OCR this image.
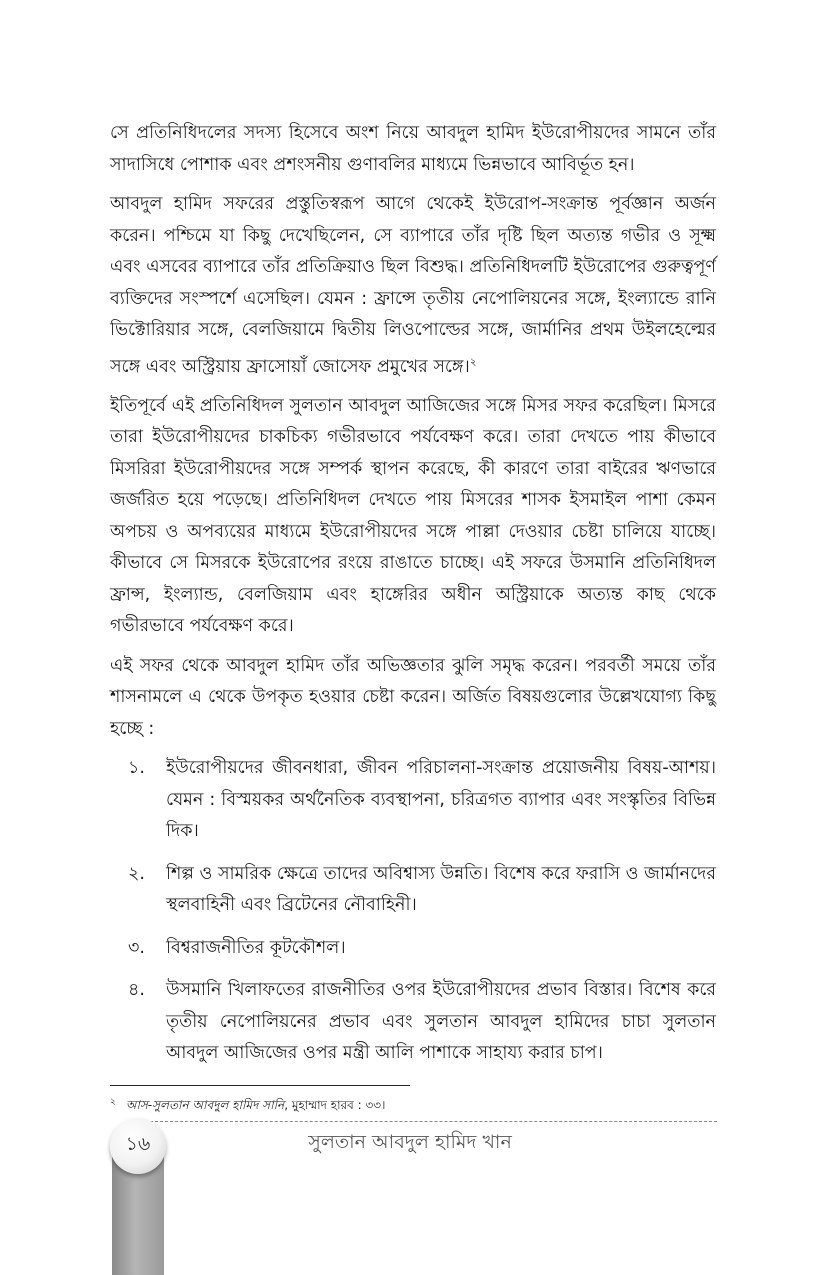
সে প্রতিনিধিদলের সদস্য হিসেবে অংশ নিয়ে আবদুল হামিদ ইউরোপীয়দের সামনে তাঁর সাদাসিধে পোশাক এবং প্রশংসনীয় গুণাবলির মাধ্যমে ভিন্নভাবে আবির্ভূত হন।

আবদুল হামিদ সফরের প্রস্তুতিস্বরূপ আগে থেকেই ইউরোপ-সংক্রান্ত পূর্বজ্ঞান অর্জন করেন। পশ্চিমে যা কিছু দেখেছিলেন, সে ব্যাপারে তাঁর দৃষ্টি ছিল অত্যন্ত গভীর ও সূক্ষ্ম এবং এসবের ব্যাপারে তাঁর প্রতিক্রিয়াও ছিল বিশুদ্ধ। প্রতিনিধিদলটি ইউরোপের গুরুত্বপূর্ণ ব্যক্তিদের সংস্পর্শে এসেছিল। যেমন : ফ্রান্সে তৃতীয় নেপোলিয়নের সঙ্গে, ইংল্যান্ডে রানি ভিক্টোরিয়ার সঙ্গে, বেলজিয়ামে দ্বিতীয় লিওপোল্ডের সঙ্গে, জার্মানির প্রথম উইলহেল্মের সঙ্গে এবং অস্ট্রিয়ায় ফ্রাসোয়াঁ জোসেফ প্রমুখের সঙ্গে।$^২$

ইতিপূর্বে এই প্রতিনিধিদল সুলতান আবদুল আজিজের সঙ্গে মিসর সফর করেছিল। মিসরে তারা ইউরোপীয়দের চাকচিক্য গভীরভাবে পর্যবেক্ষণ করে। তারা দেখতে পায় কীভাবে মিসরিরা ইউরোপীয়দের সঙ্গে সম্পর্ক স্থাপন করেছে, কী কারণে তারা বাইরের ঋণভারে জর্জরিত হয়ে পড়েছে। প্রতিনিধিদল দেখতে পায় মিসরের শাসক ইসমাইল পাশা কেমন অপচয় ও অপব্যয়ের মাধ্যমে ইউরোপীয়দের সঙ্গে পাল্লা দেওয়ার চেষ্টা চালিয়ে যাচ্ছে। কীভাবে সে মিসরকে ইউরোপের রংয়ে রাঙাতে চাচ্ছে। এই সফরে উসমানি প্রতিনিধিদল ফ্রান্স, ইংল্যান্ড, বেলজিয়াম এবং হাঙ্গেরির অধীন অস্ট্রিয়াকে অত্যন্ত কাছ থেকে গভীরভাবে পর্যবেক্ষণ করে।

এই সফর থেকে আবদুল হামিদ তাঁর অভিজ্ঞতার ঝুলি সমৃদ্ধ করেন। পরবর্তী সময়ে তাঁর শাসনামলে এ থেকে উপকৃত হওয়ার চেষ্টা করেন। অর্জিত বিষয়গুলোর উল্লেখযোগ্য কিছু হচ্ছে :

১. ইউরোপীয়দের জীবনধারা, জীবন পরিচালনা-সংক্রান্ত প্রয়োজনীয় বিষয়-আশয়। যেমন : বিস্ময়কর অর্থনৈতিক ব্যবস্থাপনা, চরিত্রগত ব্যাপার এবং সংস্কৃতির বিভিন্ন দিক।
২. শিল্প ও সামরিক ক্ষেত্রে তাদের অবিশ্বাস্য উন্নতি। বিশেষ করে ফরাসি ও জার্মানদের স্থলবাহিনী এবং ব্রিটেনের নৌবাহিনী।
৩. বিশ্বরাজনীতির কূটকৌশল।
৪. উসমানি খিলাফতের রাজনীতির ওপর ইউরোপীয়দের প্রভাব বিস্তার। বিশেষ করে তৃতীয় নেপোলিয়নের প্রভাব এবং সুলতান আবদুল হামিদের চাচা সুলতান আবদুল আজিজের ওপর মন্ত্রী আলি পাশাকে সাহায্য করার চাপ।
$^২$ আস-সুলতান আবদুল হামিদ সানি, মুহাম্মাদ হারব : ৩৩।
১৬	সুলতান আবদুল হামিদ খান
